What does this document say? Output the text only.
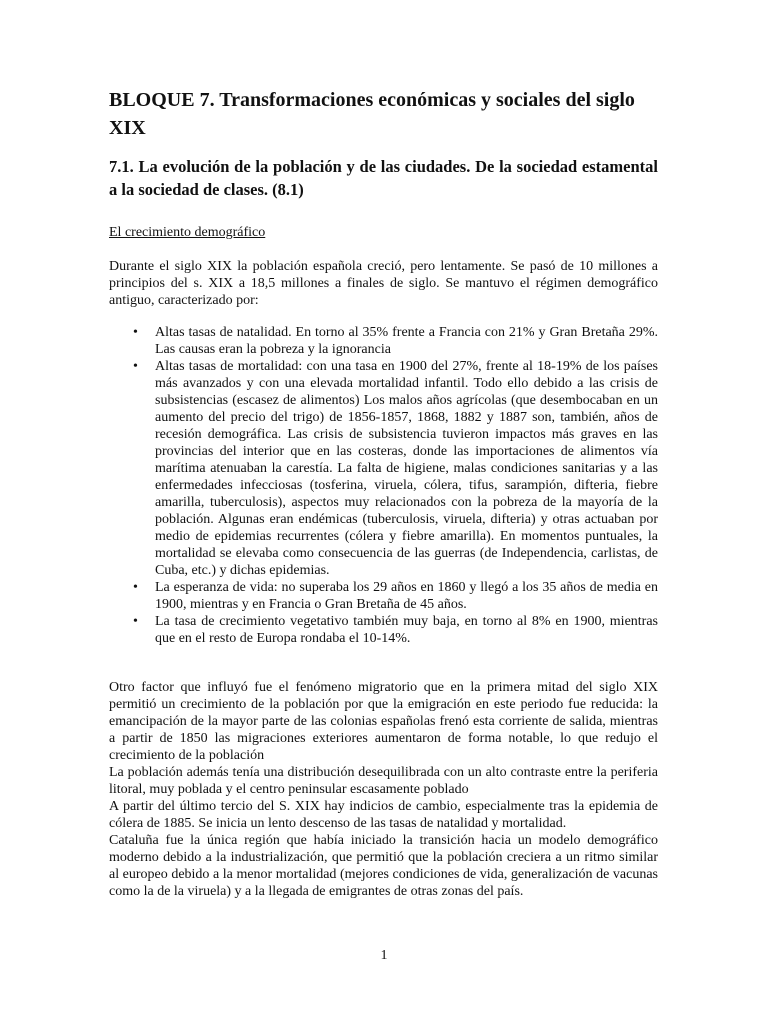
BLOQUE 7. Transformaciones económicas y sociales del siglo XIX
7.1. La evolución de la población y de las ciudades. De la sociedad estamental a la sociedad de clases. (8.1)

El crecimiento demográfico

Durante el siglo XIX la población española creció, pero lentamente. Se pasó de 10 millones a principios del s. XIX a 18,5 millones a finales de siglo. Se mantuvo el régimen demográfico antiguo, caracterizado por:

• Altas tasas de natalidad. En torno al 35% frente a Francia con 21% y Gran Bretaña 29%. Las causas eran la pobreza y la ignorancia
• Altas tasas de mortalidad: con una tasa en 1900 del 27%, frente al 18-19% de los países más avanzados y con una elevada mortalidad infantil. Todo ello debido a las crisis de subsistencias (escasez de alimentos) Los malos años agrícolas (que desembocaban en un aumento del precio del trigo) de 1856-1857, 1868, 1882 y 1887 son, también, años de recesión demográfica. Las crisis de subsistencia tuvieron impactos más graves en las provincias del interior que en las costeras, donde las importaciones de alimentos vía marítima atenuaban la carestía. La falta de higiene, malas condiciones sanitarias y a las enfermedades infecciosas (tosferina, viruela, cólera, tifus, sarampión, difteria, fiebre amarilla, tuberculosis), aspectos muy relacionados con la pobreza de la mayoría de la población. Algunas eran endémicas (tuberculosis, viruela, difteria) y otras actuaban por medio de epidemias recurrentes (cólera y fiebre amarilla). En momentos puntuales, la mortalidad se elevaba como consecuencia de las guerras (de Independencia, carlistas, de Cuba, etc.) y dichas epidemias.
• La esperanza de vida: no superaba los 29 años en 1860 y llegó a los 35 años de media en 1900, mientras y en Francia o Gran Bretaña de 45 años.
• La tasa de crecimiento vegetativo también muy baja, en torno al 8% en 1900, mientras que en el resto de Europa rondaba el 10-14%.

Otro factor que influyó fue el fenómeno migratorio que en la primera mitad del siglo XIX permitió un crecimiento de la población por que la emigración en este periodo fue reducida: la emancipación de la mayor parte de las colonias españolas frenó esta corriente de salida, mientras a partir de 1850 las migraciones exteriores aumentaron de forma notable, lo que redujo el crecimiento de la población

La población además tenía una distribución desequilibrada con un alto contraste entre la periferia litoral, muy poblada y el centro peninsular escasamente poblado

A partir del último tercio del S. XIX hay indicios de cambio, especialmente tras la epidemia de cólera de 1885. Se inicia un lento descenso de las tasas de natalidad y mortalidad.

Cataluña fue la única región que había iniciado la transición hacia un modelo demográfico moderno debido a la industrialización, que permitió que la población creciera a un ritmo similar al europeo debido a la menor mortalidad (mejores condiciones de vida, generalización de vacunas como la de la viruela) y a la llegada de emigrantes de otras zonas del país.

1
